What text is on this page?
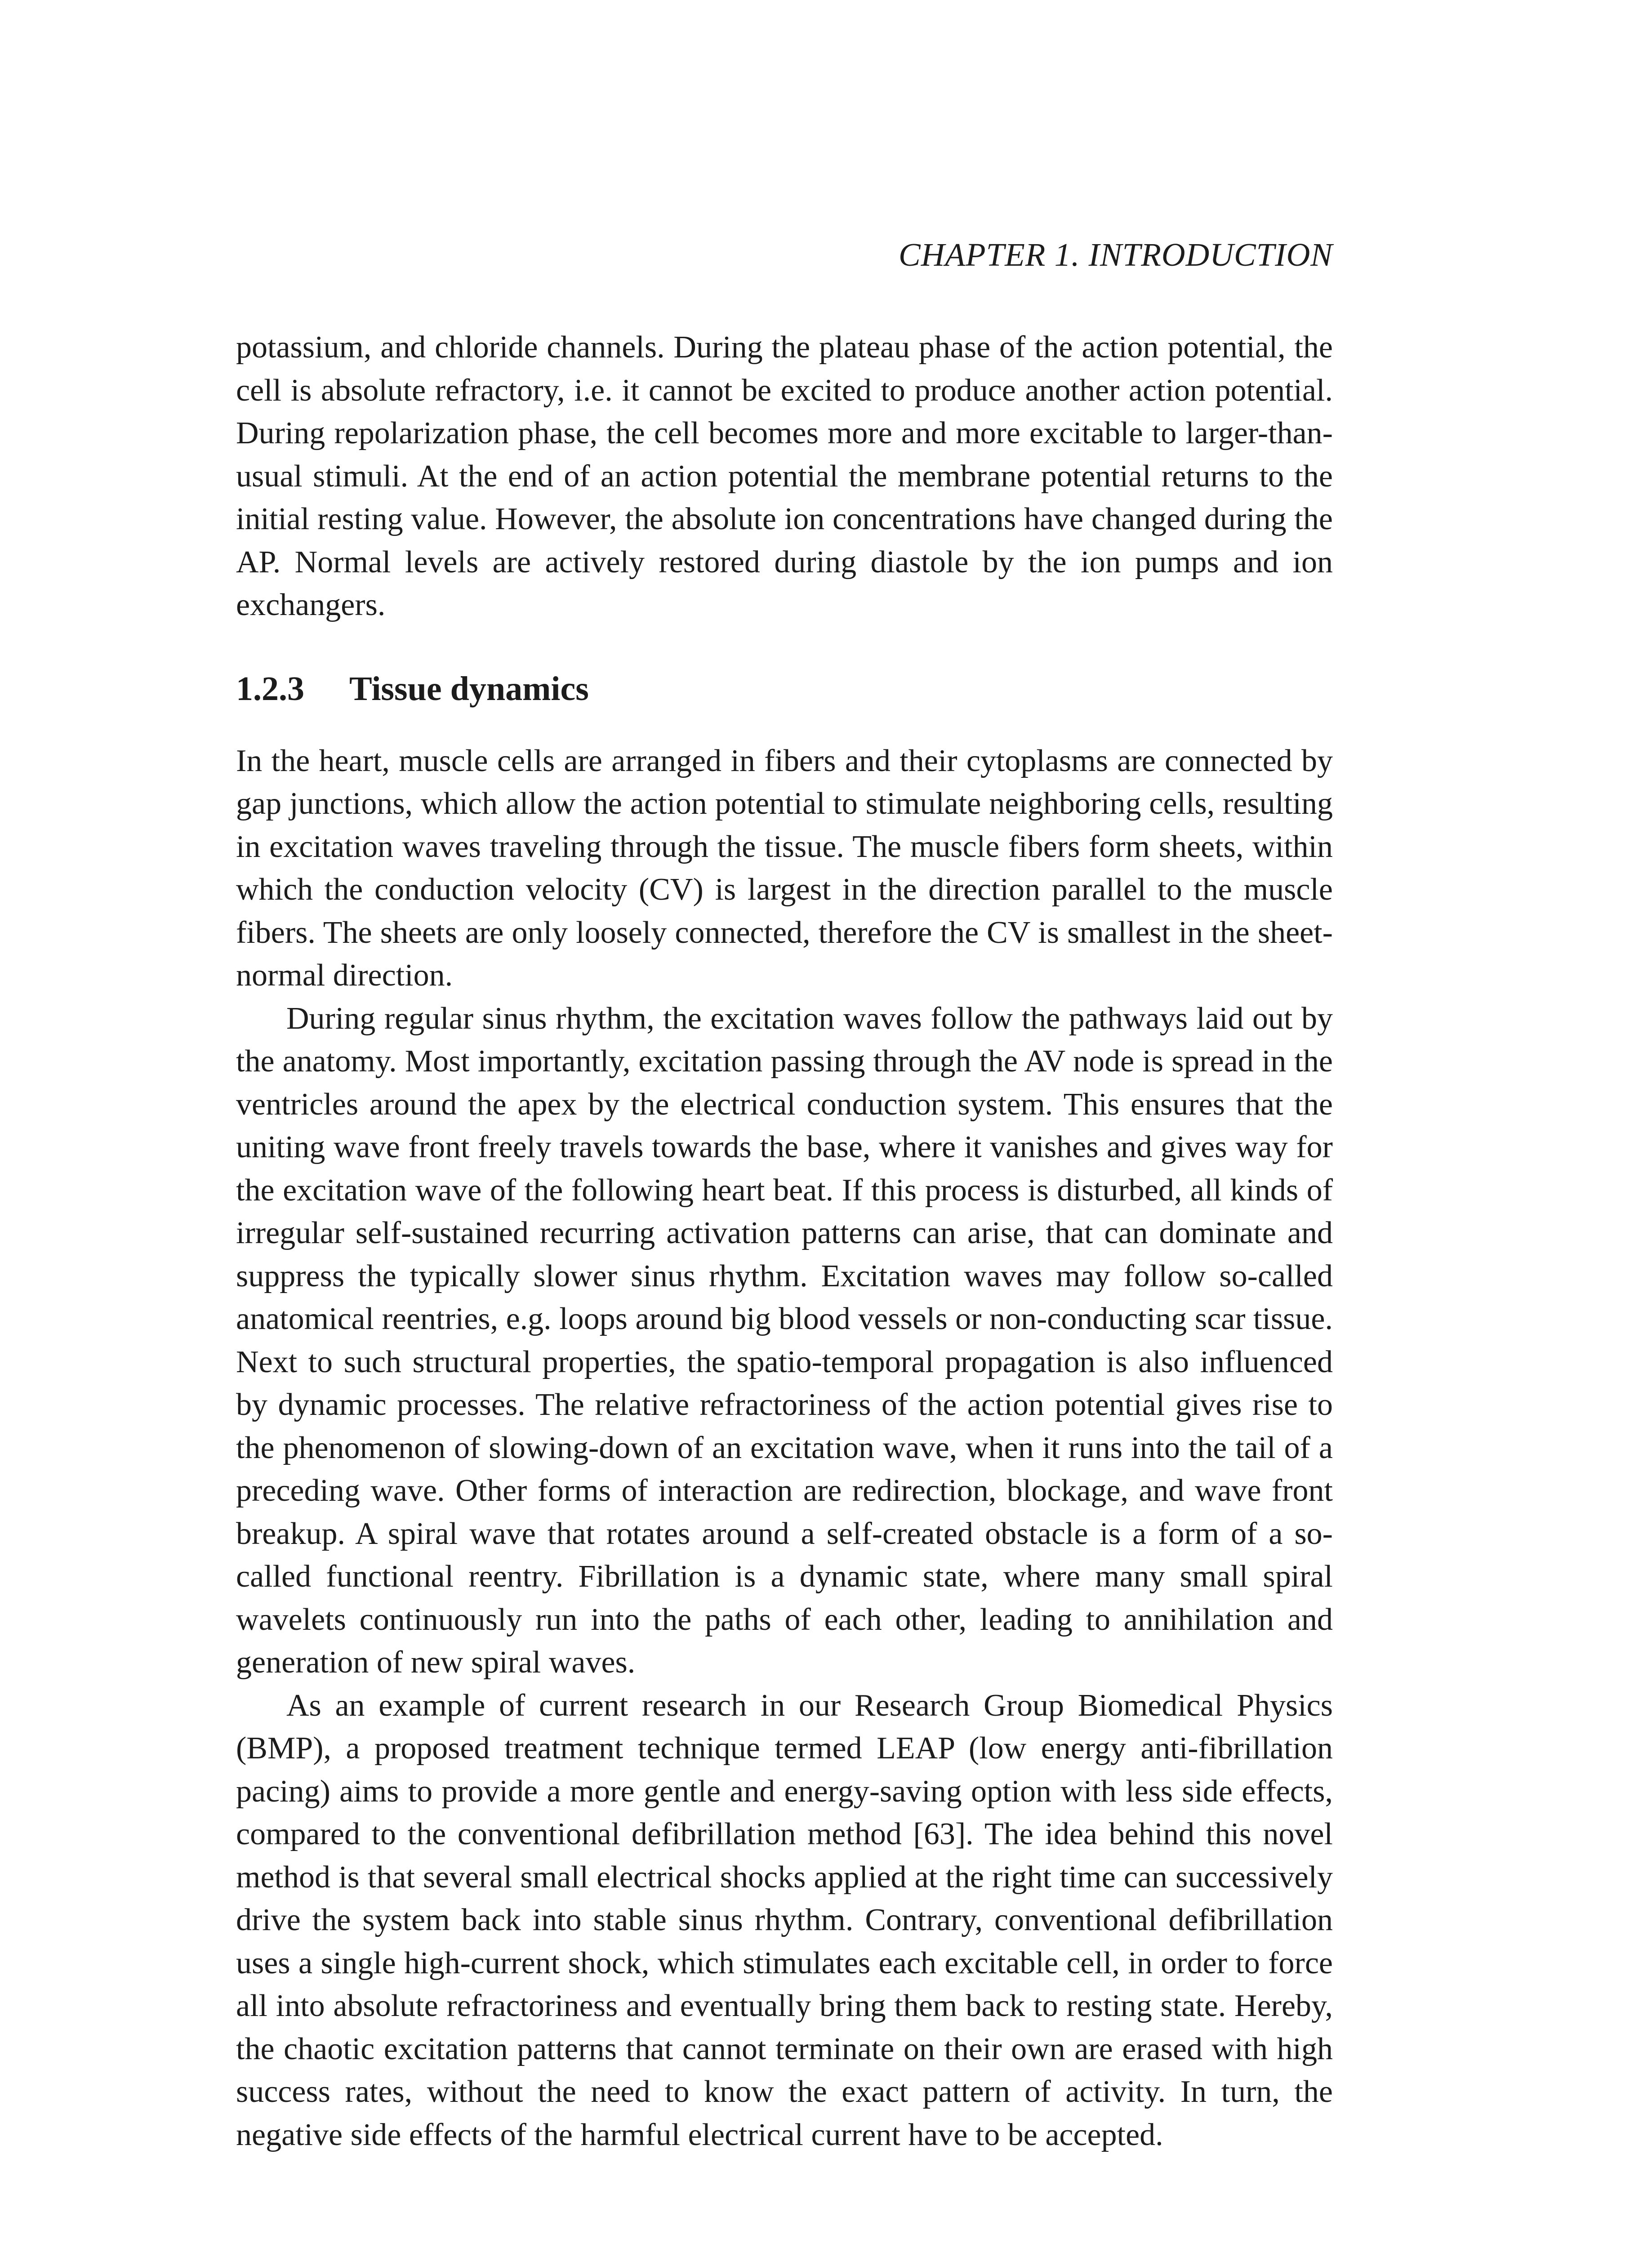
CHAPTER 1. INTRODUCTION

potassium, and chloride channels. During the plateau phase of the action potential, the cell is absolute refractory, i.e. it cannot be excited to produce another action potential. During repolarization phase, the cell becomes more and more excitable to larger-than-usual stimuli. At the end of an action potential the membrane potential returns to the initial resting value. However, the absolute ion concentrations have changed during the AP. Normal levels are actively restored during diastole by the ion pumps and ion exchangers.

1.2.3 Tissue dynamics

In the heart, muscle cells are arranged in fibers and their cytoplasms are connected by gap junctions, which allow the action potential to stimulate neighboring cells, resulting in excitation waves traveling through the tissue. The muscle fibers form sheets, within which the conduction velocity (CV) is largest in the direction parallel to the muscle fibers. The sheets are only loosely connected, therefore the CV is smallest in the sheet-normal direction.

During regular sinus rhythm, the excitation waves follow the pathways laid out by the anatomy. Most importantly, excitation passing through the AV node is spread in the ventricles around the apex by the electrical conduction system. This ensures that the uniting wave front freely travels towards the base, where it vanishes and gives way for the excitation wave of the following heart beat. If this process is disturbed, all kinds of irregular self-sustained recurring activation patterns can arise, that can dominate and suppress the typically slower sinus rhythm. Excitation waves may follow so-called anatomical reentries, e.g. loops around big blood vessels or non-conducting scar tissue. Next to such structural properties, the spatio-temporal propagation is also influenced by dynamic processes. The relative refractoriness of the action potential gives rise to the phenomenon of slowing-down of an excitation wave, when it runs into the tail of a preceding wave. Other forms of interaction are redirection, blockage, and wave front breakup. A spiral wave that rotates around a self-created obstacle is a form of a so-called functional reentry. Fibrillation is a dynamic state, where many small spiral wavelets continuously run into the paths of each other, leading to annihilation and generation of new spiral waves.

As an example of current research in our Research Group Biomedical Physics (BMP), a proposed treatment technique termed LEAP (low energy anti-fibrillation pacing) aims to provide a more gentle and energy-saving option with less side effects, compared to the conventional defibrillation method [63]. The idea behind this novel method is that several small electrical shocks applied at the right time can successively drive the system back into stable sinus rhythm. Contrary, conventional defibrillation uses a single high-current shock, which stimulates each excitable cell, in order to force all into absolute refractoriness and eventually bring them back to resting state. Hereby, the chaotic excitation patterns that cannot terminate on their own are erased with high success rates, without the need to know the exact pattern of activity. In turn, the negative side effects of the harmful electrical current have to be accepted.
